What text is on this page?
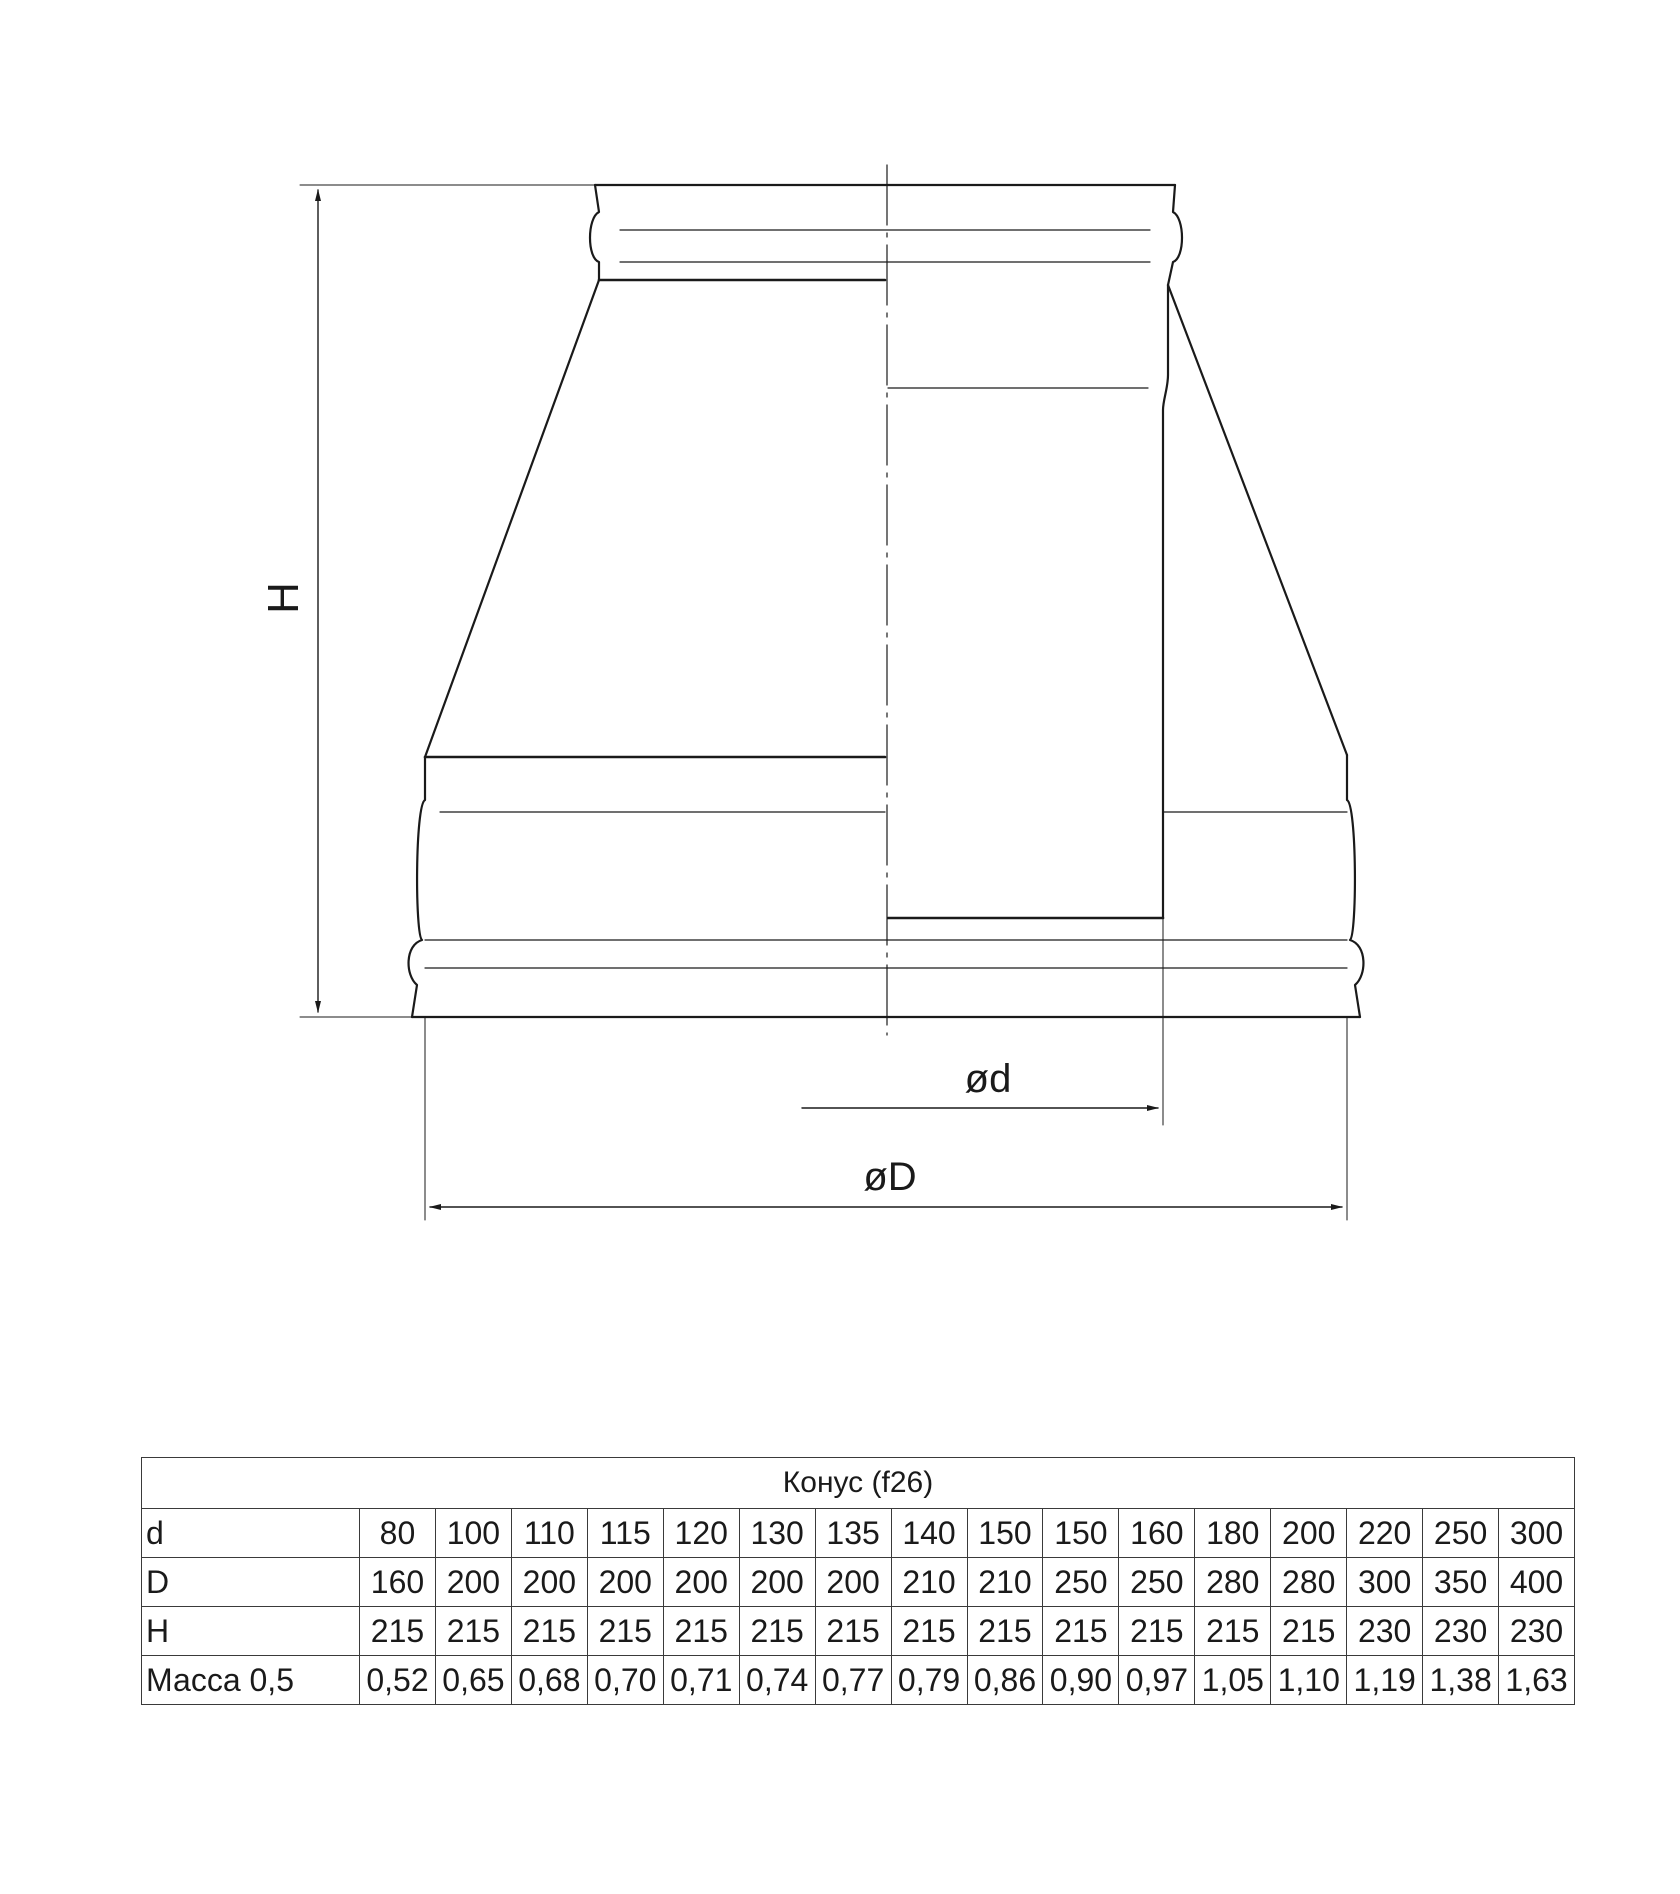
H
ød
øD
Конус (f26)																
d	80	100	110	115	120	130	135	140	150	150	160	180	200	220	250	300
D	160	200	200	200	200	200	200	210	210	250	250	280	280	300	350	400
H	215	215	215	215	215	215	215	215	215	215	215	215	215	230	230	230
Масса 0,5	0,52	0,65	0,68	0,70	0,71	0,74	0,77	0,79	0,86	0,90	0,97	1,05	1,10	1,19	1,38	1,63
